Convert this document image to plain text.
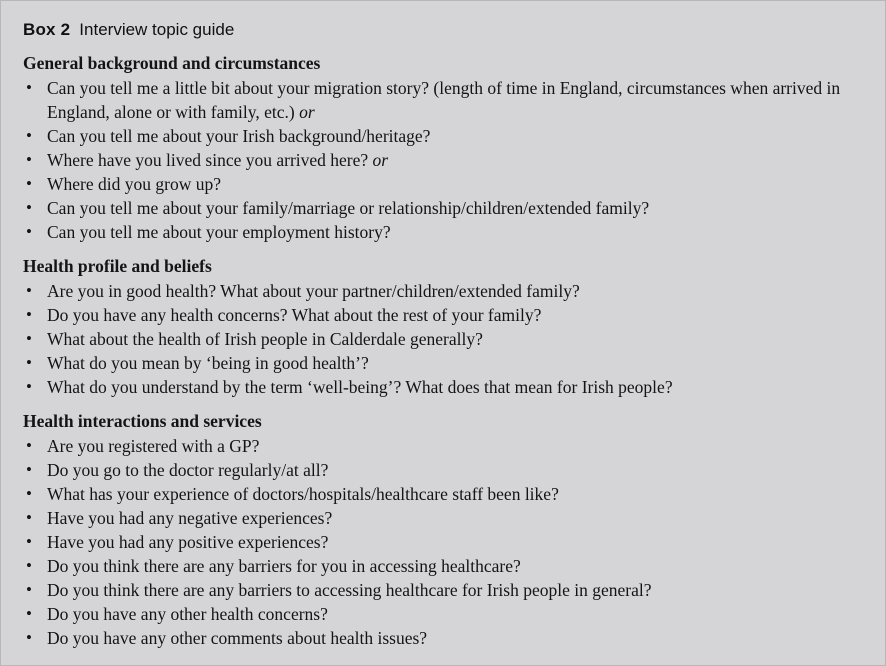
Box 2 Interview topic guide
General background and circumstances
• Can you tell me a little bit about your migration story? (length of time in England, circumstances when arrived in England, alone or with family, etc.) or
• Can you tell me about your Irish background/heritage?
• Where have you lived since you arrived here? or
• Where did you grow up?
• Can you tell me about your family/marriage or relationship/children/extended family?
• Can you tell me about your employment history?
Health profile and beliefs
• Are you in good health? What about your partner/children/extended family?
• Do you have any health concerns? What about the rest of your family?
• What about the health of Irish people in Calderdale generally?
• What do you mean by ‘being in good health’?
• What do you understand by the term ‘well-being’? What does that mean for Irish people?
Health interactions and services
• Are you registered with a GP?
• Do you go to the doctor regularly/at all?
• What has your experience of doctors/hospitals/healthcare staff been like?
• Have you had any negative experiences?
• Have you had any positive experiences?
• Do you think there are any barriers for you in accessing healthcare?
• Do you think there are any barriers to accessing healthcare for Irish people in general?
• Do you have any other health concerns?
• Do you have any other comments about health issues?
